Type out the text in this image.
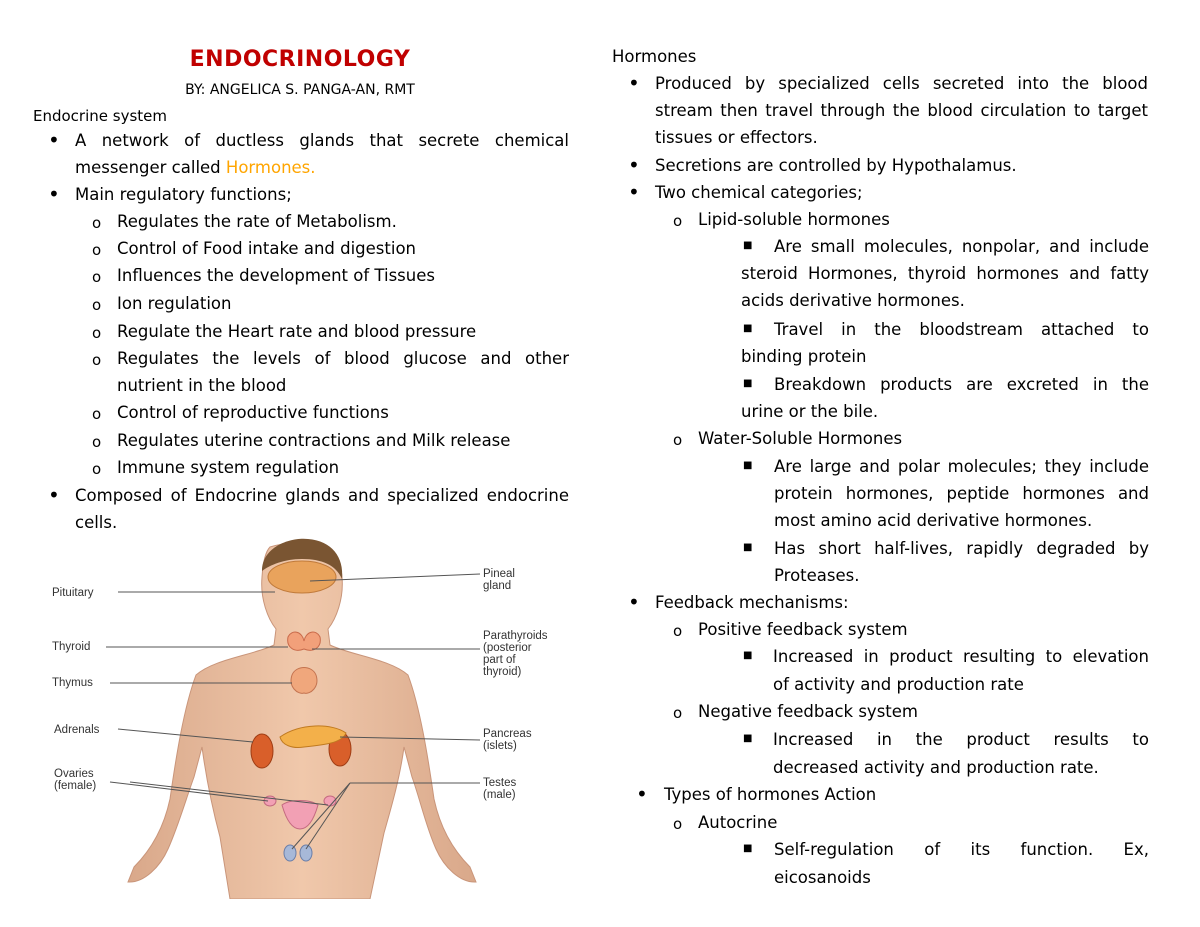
ENDOCRINOLOGY
BY: ANGELICA S. PANGA-AN, RMT
Endocrine system
•
A network of ductless glands that secrete chemical
messenger called Hormones.
•
Main regulatory functions;
o Regulates the rate of Metabolism.
o Control of Food intake and digestion
o Influences the development of Tissues
o Ion regulation
o Regulate the Heart rate and blood pressure
o Regulates the levels of blood glucose and other
nutrient in the blood
o Control of reproductive functions
o Regulates uterine contractions and Milk release
o Immune system regulation
•
Composed of Endocrine glands and specialized endocrine
cells.
Pituitary
Thyroid
Thymus
Adrenals
Ovaries
(female)
Pineal
gland
Parathyroids
(posterior
part of
thyroid)
Pancreas
(islets)
Testes
(male)
Hormones
•
Produced by specialized cells secreted into the blood
stream then travel through the blood circulation to target
tissues or effectors.
•
Secretions are controlled by Hypothalamus.
•
Two chemical categories;
o Lipid-soluble hormones
■ Are small molecules, nonpolar, and include
steroid Hormones, thyroid hormones and fatty
acids derivative hormones.
■ Travel in the bloodstream attached to
binding protein
■ Breakdown products are excreted in the
urine or the bile.
o Water-Soluble Hormones
■ Are large and polar molecules; they include
protein hormones, peptide hormones and
most amino acid derivative hormones.
■ Has short half-lives, rapidly degraded by
Proteases.
•
Feedback mechanisms:
o Positive feedback system
■ Increased in product resulting to elevation
of activity and production rate
o Negative feedback system
■ Increased in the product results to
decreased activity and production rate.
•
Types of hormones Action
o Autocrine
■ Self-regulation of its function. Ex,
eicosanoids
